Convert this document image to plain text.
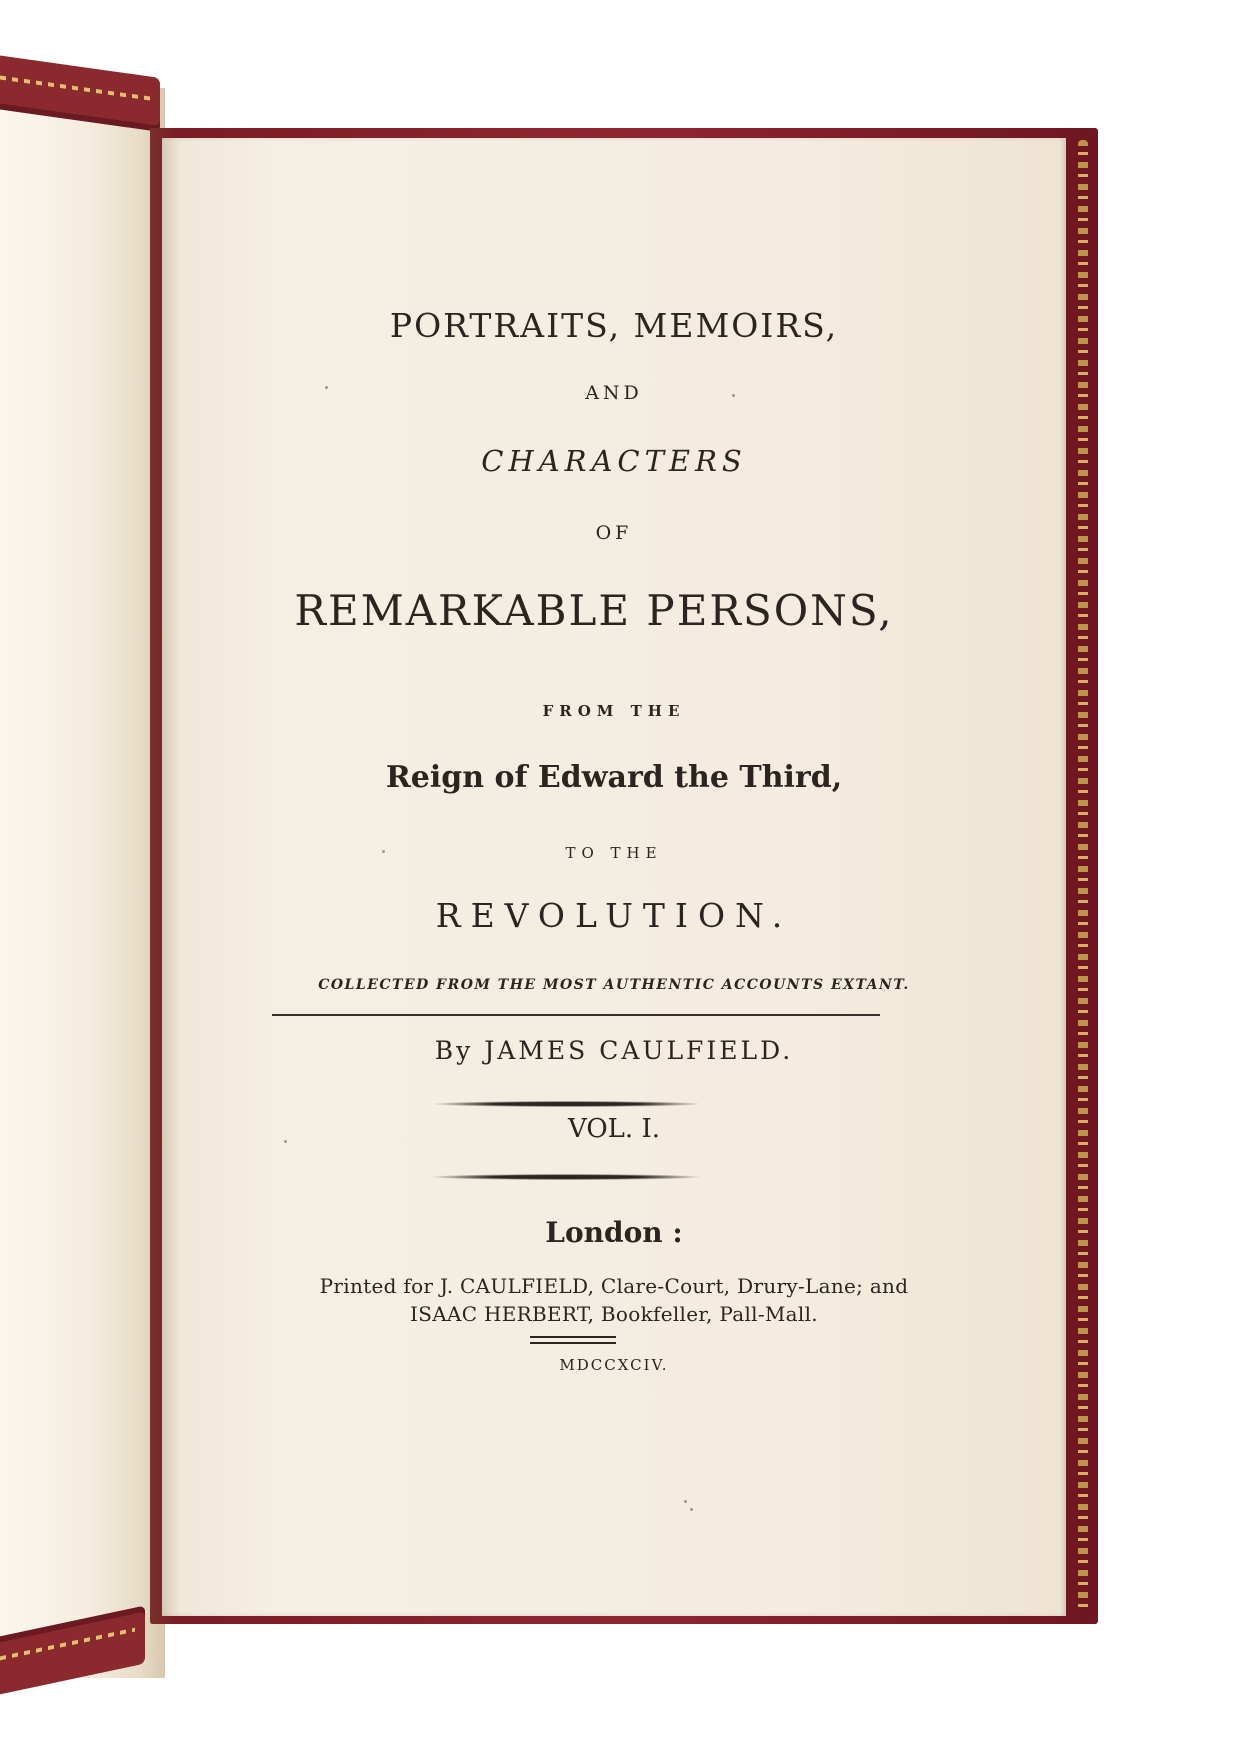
PORTRAITS, MEMOIRS,
AND
CHARACTERS
OF
REMARKABLE PERSONS,
FROM THE
Reign of Edward the Third,
TO THE
REVOLUTION.
COLLECTED FROM THE MOST AUTHENTIC ACCOUNTS EXTANT.
By JAMES CAULFIELD.
VOL. I.
London :
Printed for J. CAULFIELD, Clare-Court, Drury-Lane; and
ISAAC HERBERT, Bookfeller, Pall-Mall.
MDCCXCIV.
